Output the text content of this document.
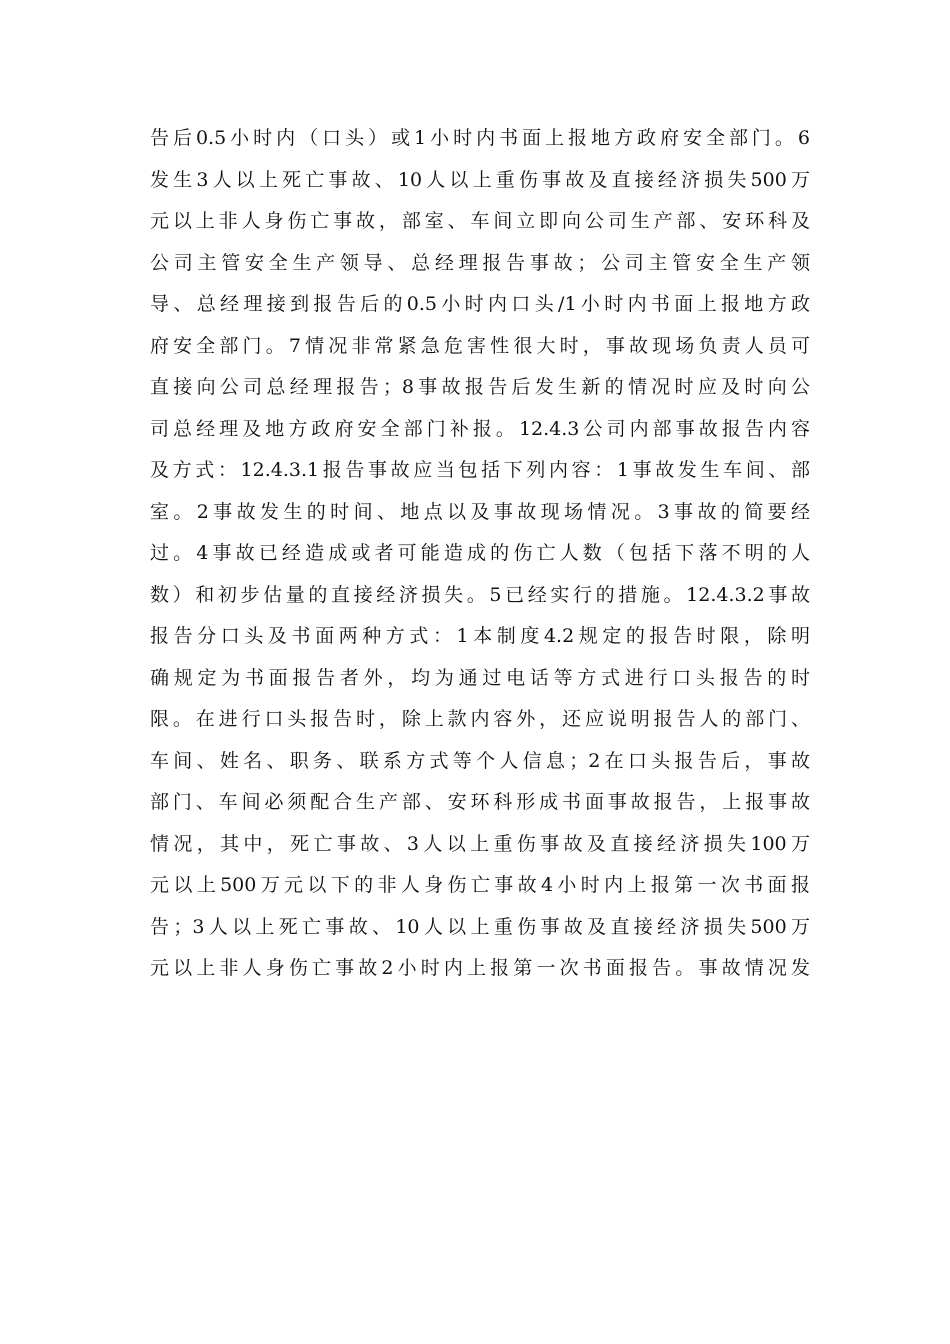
告后0.5小时内（口头）或1小时内书面上报地方政府安全部门。6
发生3人以上死亡事故、10人以上重伤事故及直接经济损失500万
元以上非人身伤亡事故，部室、车间立即向公司生产部、安环科及
公司主管安全生产领导、总经理报告事故；公司主管安全生产领
导、总经理接到报告后的0.5小时内口头/1小时内书面上报地方政
府安全部门。7情况非常紧急危害性很大时，事故现场负责人员可
直接向公司总经理报告；8事故报告后发生新的情况时应及时向公
司总经理及地方政府安全部门补报。12.4.3公司内部事故报告内容
及方式：12.4.3.1报告事故应当包括下列内容：1事故发生车间、部
室。2事故发生的时间、地点以及事故现场情况。3事故的简要经
过。4事故已经造成或者可能造成的伤亡人数（包括下落不明的人
数）和初步估量的直接经济损失。5已经实行的措施。12.4.3.2事故
报告分口头及书面两种方式：1本制度4.2规定的报告时限，除明
确规定为书面报告者外，均为通过电话等方式进行口头报告的时
限。在进行口头报告时，除上款内容外，还应说明报告人的部门、
车间、姓名、职务、联系方式等个人信息；2在口头报告后，事故
部门、车间必须配合生产部、安环科形成书面事故报告，上报事故
情况，其中，死亡事故、3人以上重伤事故及直接经济损失100万
元以上500万元以下的非人身伤亡事故4小时内上报第一次书面报
告；3人以上死亡事故、10人以上重伤事故及直接经济损失500万
元以上非人身伤亡事故2小时内上报第一次书面报告。事故情况发
